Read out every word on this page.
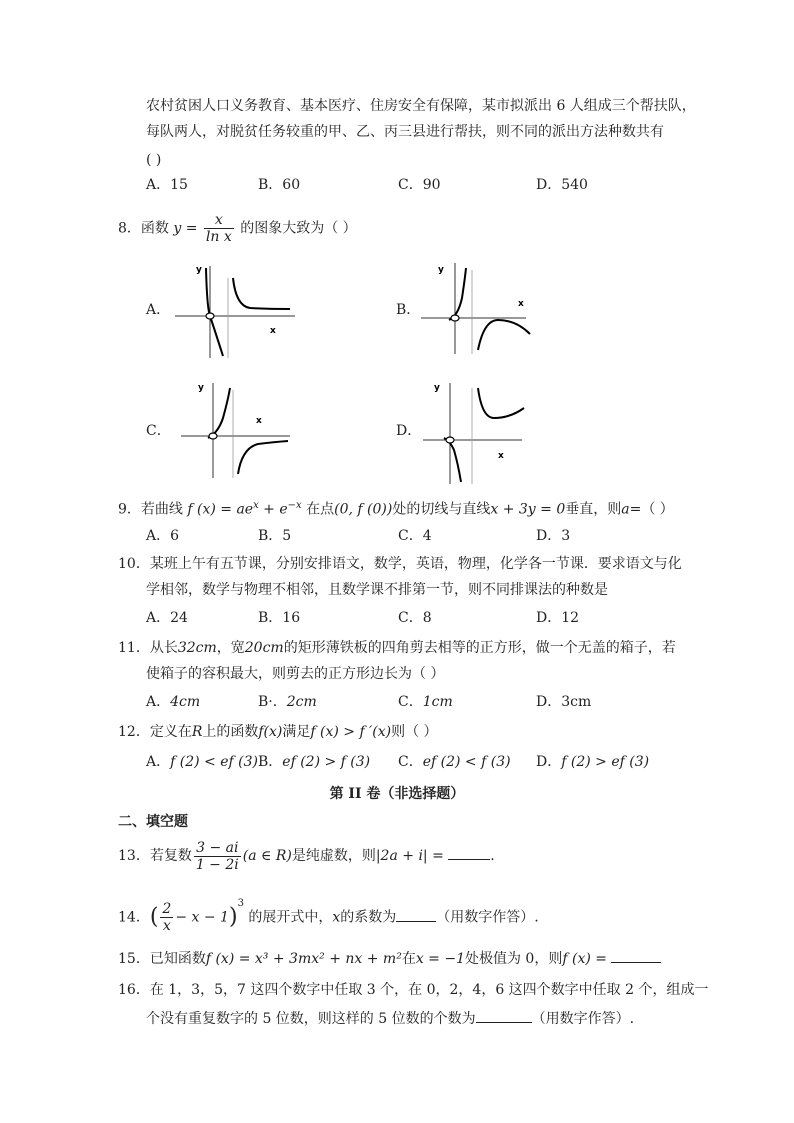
农村贫困人口义务教育、基本医疗、住房安全有保障，某市拟派出 6 人组成三个帮扶队，
每队两人，对脱贫任务较重的甲、乙、丙三县进行帮扶，则不同的派出方法种数共有
( )
A．15	B．60	C．90	D．540
8．函数 $y = \frac{x}{\text{ln x}}$ 的图象大致为（ ）
A．	B．
C．	D．
y
x
y
x
y
x
y
x
9．若曲线 f $(x) = ae^x + e^{-x}$ 在点(0, f (0))处的切线与直线x + 3y = 0垂直，则a=（ ）
A．6	B．5	C．4	D．3
10．某班上午有五节课，分别安排语文，数学，英语，物理，化学各一节课．要求语文与化
学相邻，数学与物理不相邻，且数学课不排第一节，则不同排课法的种数是
A．24	B．16	C．8	D．12
11．从长32cm，宽20cm的矩形薄铁板的四角剪去相等的正方形，做一个无盖的箱子，若
使箱子的容积最大，则剪去的正方形边长为（ ）
A．4cm	B·．2cm	C．1cm	D．3cm
12．定义在R上的函数f(x)满足f (x) > f ′(x)则（ ）
A．f (2) < ef (3) B．ef (2) > f (3) C．ef (2) < f (3) D．f (2) > ef (3)
第 II 卷（非选择题）
二、填空题
13．若复数 $\frac{3 - ai}{1 - 2i} (a$ ∈ R)是纯虚数，则|2a + i| =	.
14．( $\frac{2}{x} - x - 1)^3$ 的展开式中，x的系数为	（用数字作答）.
15．已知函数f (x) = x³ + 3mx² + nx + m²在x = −1处极值为 0，则f (x) =
16．在 1，3，5，7 这四个数字中任取 3 个，在 0，2，4，6 这四个数字中任取 2 个，组成一
个没有重复数字的 5 位数，则这样的 5 位数的个数为	（用数字作答）.
